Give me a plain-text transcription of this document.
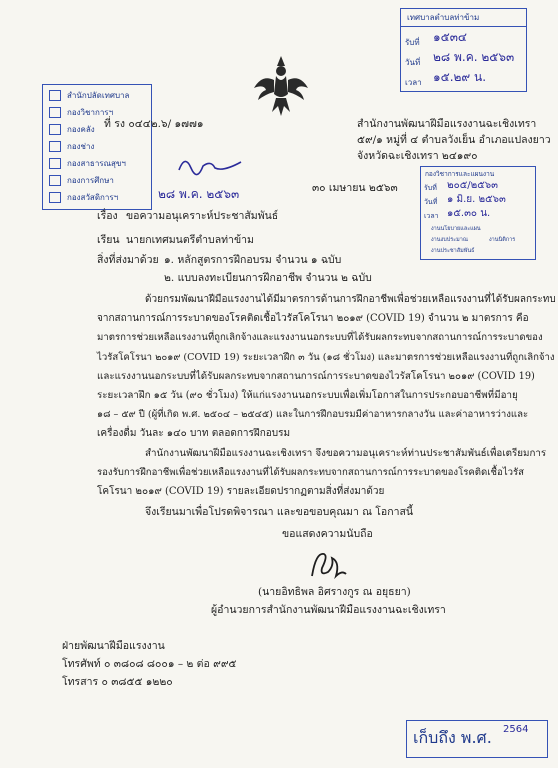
เทศบาลตำบลท่าข้าม
รับที่ ๑๕๓๔
วันที่ ๒๘ พ.ค. ๒๕๖๓
เวลา ๑๕.๒๙ น.
สำนักปลัดเทศบาล
กองวิชาการฯ
กองคลัง
กองช่าง
กองสาธารณสุขฯ
กองการศึกษา
กองสวัสดิการฯ	๒๘ พ.ค. ๒๕๖๓
ที่ รง ๐๔๔๒.๖/ ๑๗๗๑	สำนักงานพัฒนาฝีมือแรงงานฉะเชิงเทรา
๕๙/๑ หมู่ที่ ๔ ตำบลวังเย็น อำเภอแปลงยาว
จังหวัดฉะเชิงเทรา ๒๔๑๙๐
กองวิชาการและแผนงาน
รับที่ ๒๐๕/๒๕๖๓
วันที่ ๑ มิ.ย. ๒๕๖๓
เวลา ๑๕.๓๐ น.
งานนโยบายและแผน
งานงบประมาณ	งานนิติการ
งานประชาสัมพันธ์
๓๐ เมษายน ๒๕๖๓
เรื่อง ขอความอนุเคราะห์ประชาสัมพันธ์
เรียน นายกเทศมนตรีตำบลท่าข้าม
สิ่งที่ส่งมาด้วย ๑. หลักสูตรการฝึกอบรม จำนวน ๑ ฉบับ
๒. แบบลงทะเบียนการฝึกอาชีพ จำนวน ๒ ฉบับ

ด้วยกรมพัฒนาฝีมือแรงงานได้มีมาตรการด้านการฝึกอาชีพเพื่อช่วยเหลือแรงงานที่ได้รับผลกระทบ

จากสถานการณ์การระบาดของโรคติดเชื้อไวรัสโคโรนา ๒๐๑๙ (COVID 19) จำนวน ๒ มาตรการ คือ

มาตรการช่วยเหลือแรงงานที่ถูกเลิกจ้างและแรงงานนอกระบบที่ได้รับผลกระทบจากสถานการณ์การระบาดของ

ไวรัสโคโรนา ๒๐๑๙ (COVID 19) ระยะเวลาฝึก ๓ วัน (๑๘ ชั่วโมง) และมาตรการช่วยเหลือแรงงานที่ถูกเลิกจ้าง

และแรงงานนอกระบบที่ได้รับผลกระทบจากสถานการณ์การระบาดของไวรัสโคโรนา ๒๐๑๙ (COVID 19)

ระยะเวลาฝึก ๑๕ วัน (๙๐ ชั่วโมง) ให้แก่แรงงานนอกระบบเพื่อเพิ่มโอกาสในการประกอบอาชีพที่มีอายุ

๑๘ – ๕๙ ปี (ผู้ที่เกิด พ.ศ. ๒๕๐๔ – ๒๕๔๕) และในการฝึกอบรมมีค่าอาหารกลางวัน และค่าอาหารว่างและ

เครื่องดื่ม วันละ ๑๔๐ บาท ตลอดการฝึกอบรม

สำนักงานพัฒนาฝีมือแรงงานฉะเชิงเทรา จึงขอความอนุเคราะห์ท่านประชาสัมพันธ์เพื่อเตรียมการ

รองรับการฝึกอาชีพเพื่อช่วยเหลือแรงงานที่ได้รับผลกระทบจากสถานการณ์การระบาดของโรคติดเชื้อไวรัส

โคโรนา ๒๐๑๙ (COVID 19) รายละเอียดปรากฏตามสิ่งที่ส่งมาด้วย

จึงเรียนมาเพื่อโปรดพิจารณา และขอขอบคุณมา ณ โอกาสนี้
ขอแสดงความนับถือ
(นายอิทธิพล อิศรางกูร ณ อยุธยา)
ผู้อำนวยการสำนักงานพัฒนาฝีมือแรงงานฉะเชิงเทรา
ฝ่ายพัฒนาฝีมือแรงงาน
โทรศัพท์ ๐ ๓๘๐๘ ๘๐๐๑ – ๒ ต่อ ๙๙๕
โทรสาร ๐ ๓๘๕๕ ๑๒๒๐
เก็บถึง พ.ศ. 2564
